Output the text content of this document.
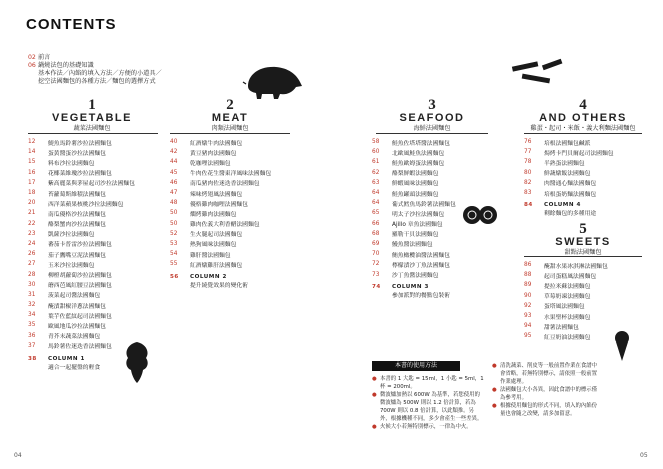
CONTENTS
02 前言
06 鍋燒法包的基礎知識
基本作法／內餡的填入方法／方便的小道具／
挖空法國麵包的各種方法／麵包的選擇方式
1
VEGETABLE
蔬菜法國麵包
12	鯷魚馬鈴薯沙拉法國麵包
14	蛋黃醬蛋沙拉法國麵包
15	料布沙拉法國麵包
16	花椰菜維瓊沙拉法國麵包
17	紫高麗菜與茅屋起司沙拉法國麵包
18	苔蘿蔔斯維積法國麵包
20	西洋菜蘋果核桃沙拉法國麵包
21	南瓜優格沙拉法國麵包
22	酪梨蟹肉沙拉法國麵包
23	凱薩沙拉法國麵包
24	蕃茄卡普雷沙拉法國麵包
26	茄子鷹嘴豆泥法國麵包
27	玉米沙拉法國麵包
28	柳橙胡蘿蔔沙拉法國麵包
30	蘑西芭風紅腰豆法國麵包
31	菠菜起司醬法國麵包
32	醃漬甜椒洋蔥法國麵包
34	葉芋佐藍紋起司法國麵包
35	歐風地瓜沙拉法國麵包
36	青芥末蔬菜法國麵包
37	馬鈴薯佐迷迭香法國麵包
38 COLUMN 1
適合一起擺盤的輕食
2
MEAT
肉類法國麵包
40	紅酒燉牛肉法國麵包
42	黃豆豬肉法國麵包
44	乾咖哩法國麵包
45	牛肉佐花生醬東洋風味法國麵包
46	南瓜豬肉佐迷迭香法國麵包
47	辣味烤翅風法國麵包
48	優格雞肉咖哩法國麵包
50	燜烤雞肉法國麵包
50	雞肉佐義大利香醋法國麵包
52	生火腿起司法國麵包
53	熱狗風味法國麵包
54	雞肝醬法國麵包
55	紅酒燉雞肝法國麵包
56 COLUMN 2
提升繞覺效果的變化術
3
SEAFOOD
海鮮法國麵包
58	鮭魚佐塔塔醬法國麵包
60	北歐風鮭魚法國麵包
61	鮭魚歐姆蛋法國麵包
62	酪梨鮮蝦法國麵包
63	鮮蝦風味法國麵包
64	鮭魚罐頭法國麵包
64	葡式鱈魚馬鈴薯法國麵包
65	明太子沙拉法國麵包
66	Ajillo 章魚法國麵包
68	羅勒干貝法國麵包
69	鰻魚醬法國麵包
70	鮪魚橄欖油醬法國麵包
72	檸檬漬沙丁魚法國麵包
73	沙丁魚醬法國麵包
74 COLUMN 3
參加派對的餐點包裝術
4
AND OTHERS
雞蛋・起司・米飯・義大利麵法國麵包
76	培根法國麵包鹹派
77	焗烤卡門貝爾起司法國麵包
78	半熟蛋法國麵包
80	鮮蔬燉飯法國麵包
82	肉醬通心麵法國麵包
83	培根蛋奶麵法國麵包
84 COLUMN 4
剩餘麵包的多種用途
5
SWEETS
甜點法國麵包
86	醃甜水果冰淇淋法國麵包
88	起司蛋糕風法國麵包
89	提拉米蘇法國麵包
90	草莓奶凍法國麵包
92	蛋塔風法國麵包
93	水果聖杯法國麵包
94	甜薯法國麵包
95	紅豆奶油法國麵包
本書的使用方法
● 本書的 1 大匙 = 15ml，1 小匙 = 5ml，1 杯 = 200ml。
● 微波爐加熱以 600W 為基準，若您使用的微波爐為 500W 則以 1.2 倍計算，若為 700W 則以 0.8 倍計算，以此類推。另外，根據機種不同，多少會產生一些差異。
● 火候大小若無特別標示，一律為中火。
● 清洗蔬菜、削皮等一般前置作業在食譜中會省略，若無特別標示，請依照一般前置作業處理。
● 法國麵包大小各異，因此食譜中的標示僅為參考用。
● 根據使用麵包的形式不同，填入的內餡份量也會隨之改變，請多加留意。
04	05
